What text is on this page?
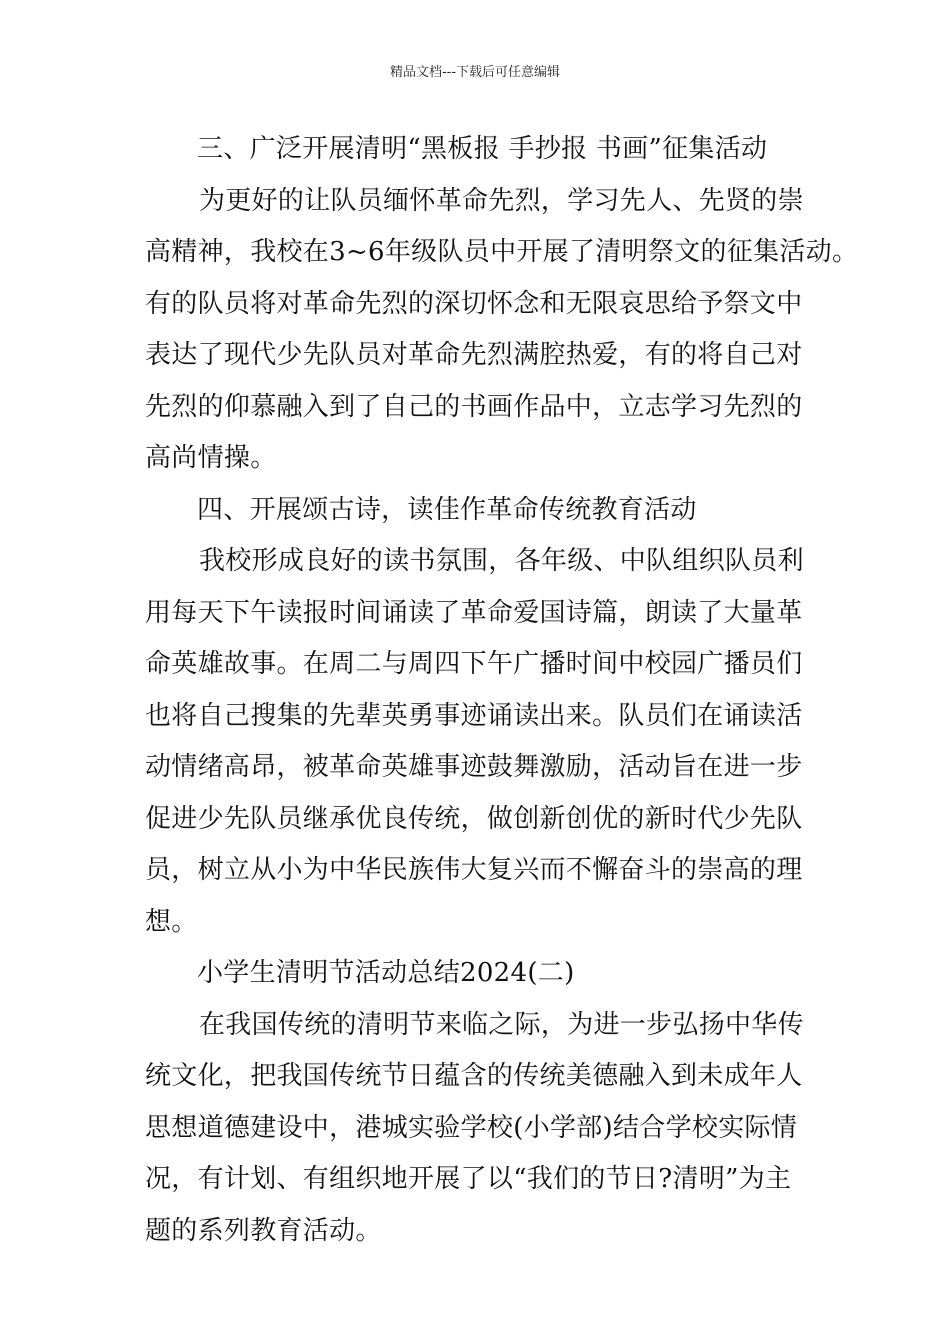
精品文档---下载后可任意编辑
三、广泛开展清明“黑板报 手抄报 书画”征集活动
为更好的让队员缅怀革命先烈，学习先人、先贤的崇
高精神，我校在3~6年级队员中开展了清明祭文的征集活动。
有的队员将对革命先烈的深切怀念和无限哀思给予祭文中
表达了现代少先队员对革命先烈满腔热爱，有的将自己对
先烈的仰慕融入到了自己的书画作品中，立志学习先烈的
高尚情操。
四、开展颂古诗，读佳作革命传统教育活动
我校形成良好的读书氛围，各年级、中队组织队员利
用每天下午读报时间诵读了革命爱国诗篇，朗读了大量革
命英雄故事。在周二与周四下午广播时间中校园广播员们
也将自己搜集的先辈英勇事迹诵读出来。队员们在诵读活
动情绪高昂，被革命英雄事迹鼓舞激励，活动旨在进一步
促进少先队员继承优良传统，做创新创优的新时代少先队
员，树立从小为中华民族伟大复兴而不懈奋斗的崇高的理
想。
小学生清明节活动总结2024(二)
在我国传统的清明节来临之际，为进一步弘扬中华传
统文化，把我国传统节日蕴含的传统美德融入到未成年人
思想道德建设中，港城实验学校(小学部)结合学校实际情
况，有计划、有组织地开展了以“我们的节日?清明”为主
题的系列教育活动。
